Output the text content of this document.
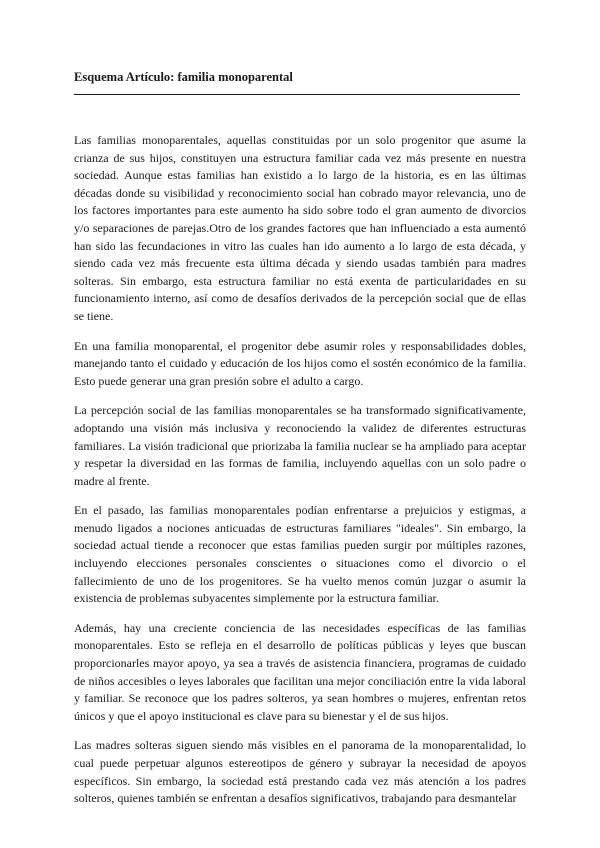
Esquema Artículo: familia monoparental

Las familias monoparentales, aquellas constituidas por un solo progenitor que asume la crianza de sus hijos, constituyen una estructura familiar cada vez más presente en nuestra sociedad. Aunque estas familias han existido a lo largo de la historia, es en las últimas décadas donde su visibilidad y reconocimiento social han cobrado mayor relevancia, uno de los factores importantes para este aumento ha sido sobre todo el gran aumento de divorcios y/o separaciones de parejas.Otro de los grandes factores que han influenciado a esta aumentó han sido las fecundaciones in vitro las cuales han ido aumento a lo largo de esta década, y siendo cada vez más frecuente esta última década y siendo usadas también para madres solteras. Sin embargo, esta estructura familiar no está exenta de particularidades en su funcionamiento interno, así como de desafíos derivados de la percepción social que de ellas se tiene.

En una familia monoparental, el progenitor debe asumir roles y responsabilidades dobles, manejando tanto el cuidado y educación de los hijos como el sostén económico de la familia. Esto puede generar una gran presión sobre el adulto a cargo.

La percepción social de las familias monoparentales se ha transformado significativamente, adoptando una visión más inclusiva y reconociendo la validez de diferentes estructuras familiares. La visión tradicional que priorizaba la familia nuclear se ha ampliado para aceptar y respetar la diversidad en las formas de familia, incluyendo aquellas con un solo padre o madre al frente.

En el pasado, las familias monoparentales podían enfrentarse a prejuicios y estigmas, a menudo ligados a nociones anticuadas de estructuras familiares "ideales". Sin embargo, la sociedad actual tiende a reconocer que estas familias pueden surgir por múltiples razones, incluyendo elecciones personales conscientes o situaciones como el divorcio o el fallecimiento de uno de los progenitores. Se ha vuelto menos común juzgar o asumir la existencia de problemas subyacentes simplemente por la estructura familiar.

Además, hay una creciente conciencia de las necesidades específicas de las familias monoparentales. Esto se refleja en el desarrollo de políticas públicas y leyes que buscan proporcionarles mayor apoyo, ya sea a través de asistencia financiera, programas de cuidado de niños accesibles o leyes laborales que facilitan una mejor conciliación entre la vida laboral y familiar. Se reconoce que los padres solteros, ya sean hombres o mujeres, enfrentan retos únicos y que el apoyo institucional es clave para su bienestar y el de sus hijos.

Las madres solteras siguen siendo más visibles en el panorama de la monoparentalidad, lo cual puede perpetuar algunos estereotipos de género y subrayar la necesidad de apoyos específicos. Sin embargo, la sociedad está prestando cada vez más atención a los padres solteros, quienes también se enfrentan a desafíos significativos, trabajando para desmantelar
